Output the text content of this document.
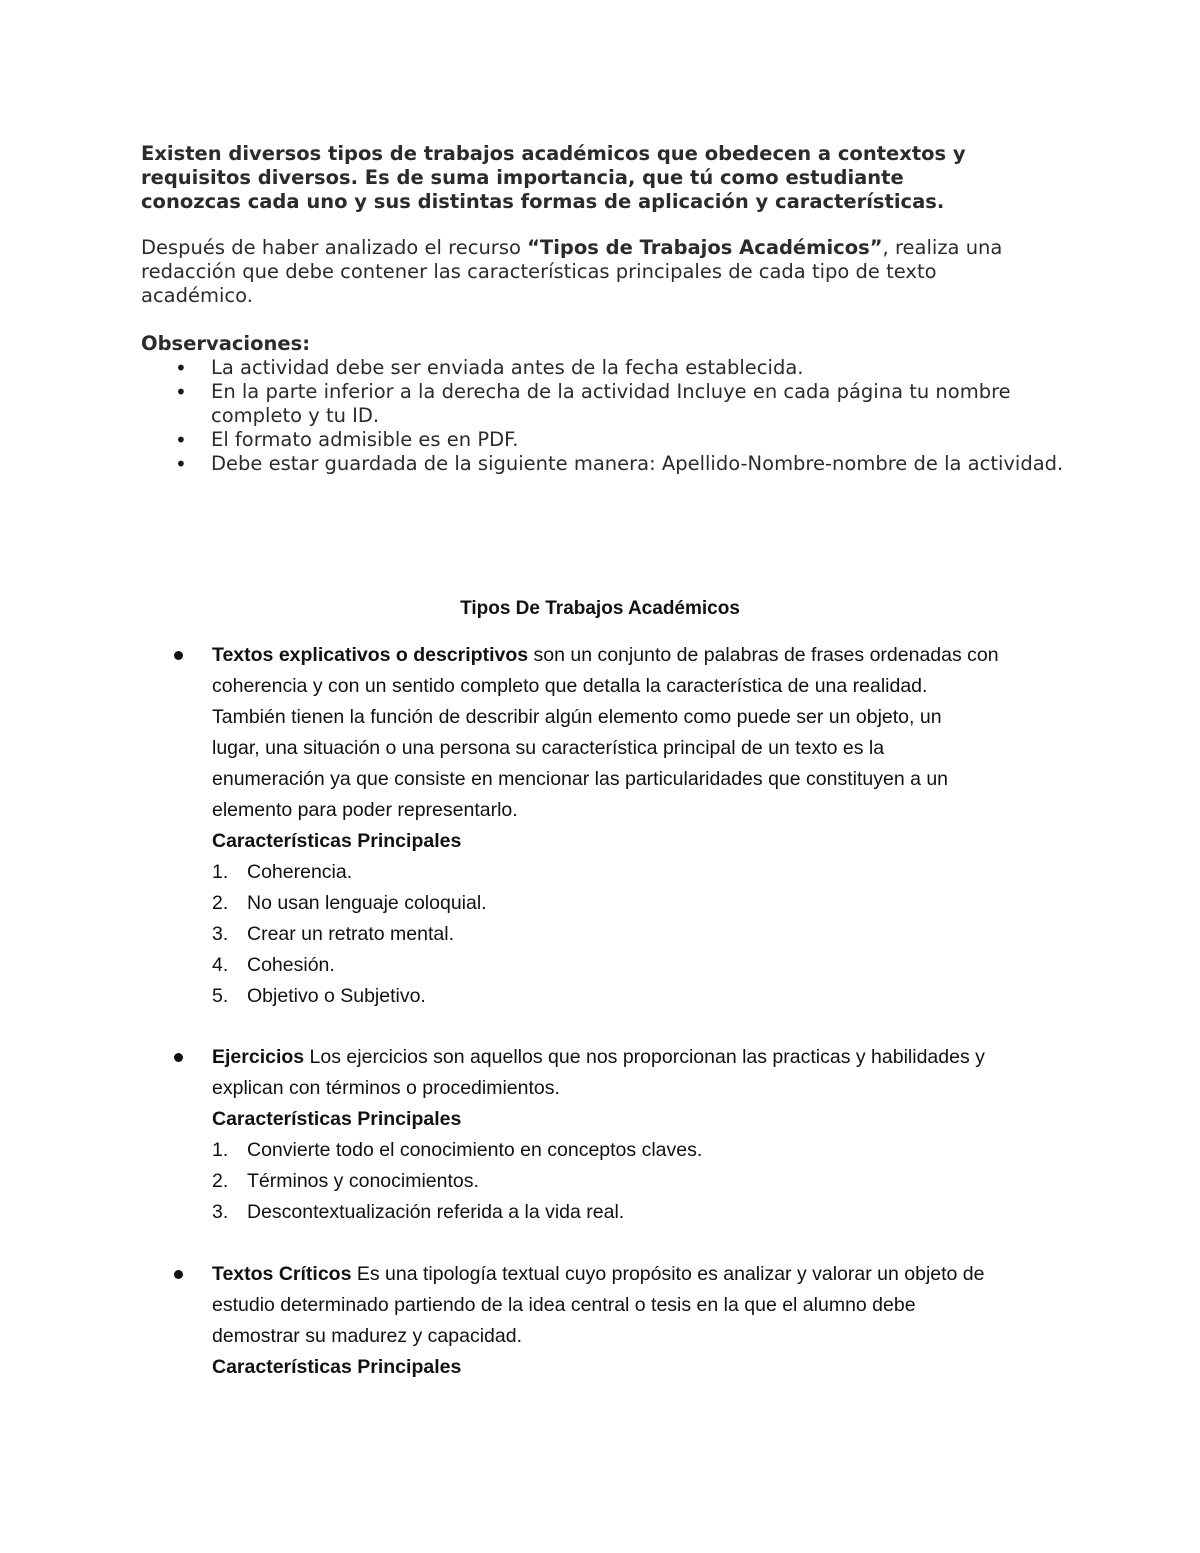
Existen diversos tipos de trabajos académicos que obedecen a contextos y

requisitos diversos. Es de suma importancia, que tú como estudiante

conozcas cada uno y sus distintas formas de aplicación y características.

Después de haber analizado el recurso “Tipos de Trabajos Académicos”, realiza una

redacción que debe contener las características principales de cada tipo de texto

académico.

Observaciones:

• La actividad debe ser enviada antes de la fecha establecida.
• En la parte inferior a la derecha de la actividad Incluye en cada página tu nombre completo y tu ID.
• El formato admisible es en PDF.
• Debe estar guardada de la siguiente manera: Apellido-Nombre-nombre de la actividad.
Tipos De Trabajos Académicos

Textos explicativos o descriptivos son un conjunto de palabras de frases ordenadas con

coherencia y con un sentido completo que detalla la característica de una realidad.

También tienen la función de describir algún elemento como puede ser un objeto, un

lugar, una situación o una persona su característica principal de un texto es la

enumeración ya que consiste en mencionar las particularidades que constituyen a un

elemento para poder representarlo.

Características Principales

1. Coherencia.
2. No usan lenguaje coloquial.
3. Crear un retrato mental.
4. Cohesión.
5. Objetivo o Subjetivo.

Ejercicios Los ejercicios son aquellos que nos proporcionan las practicas y habilidades y

explican con términos o procedimientos.

Características Principales

1. Convierte todo el conocimiento en conceptos claves.
2. Términos y conocimientos.
3. Descontextualización referida a la vida real.

Textos Críticos Es una tipología textual cuyo propósito es analizar y valorar un objeto de

estudio determinado partiendo de la idea central o tesis en la que el alumno debe

demostrar su madurez y capacidad.

Características Principales
